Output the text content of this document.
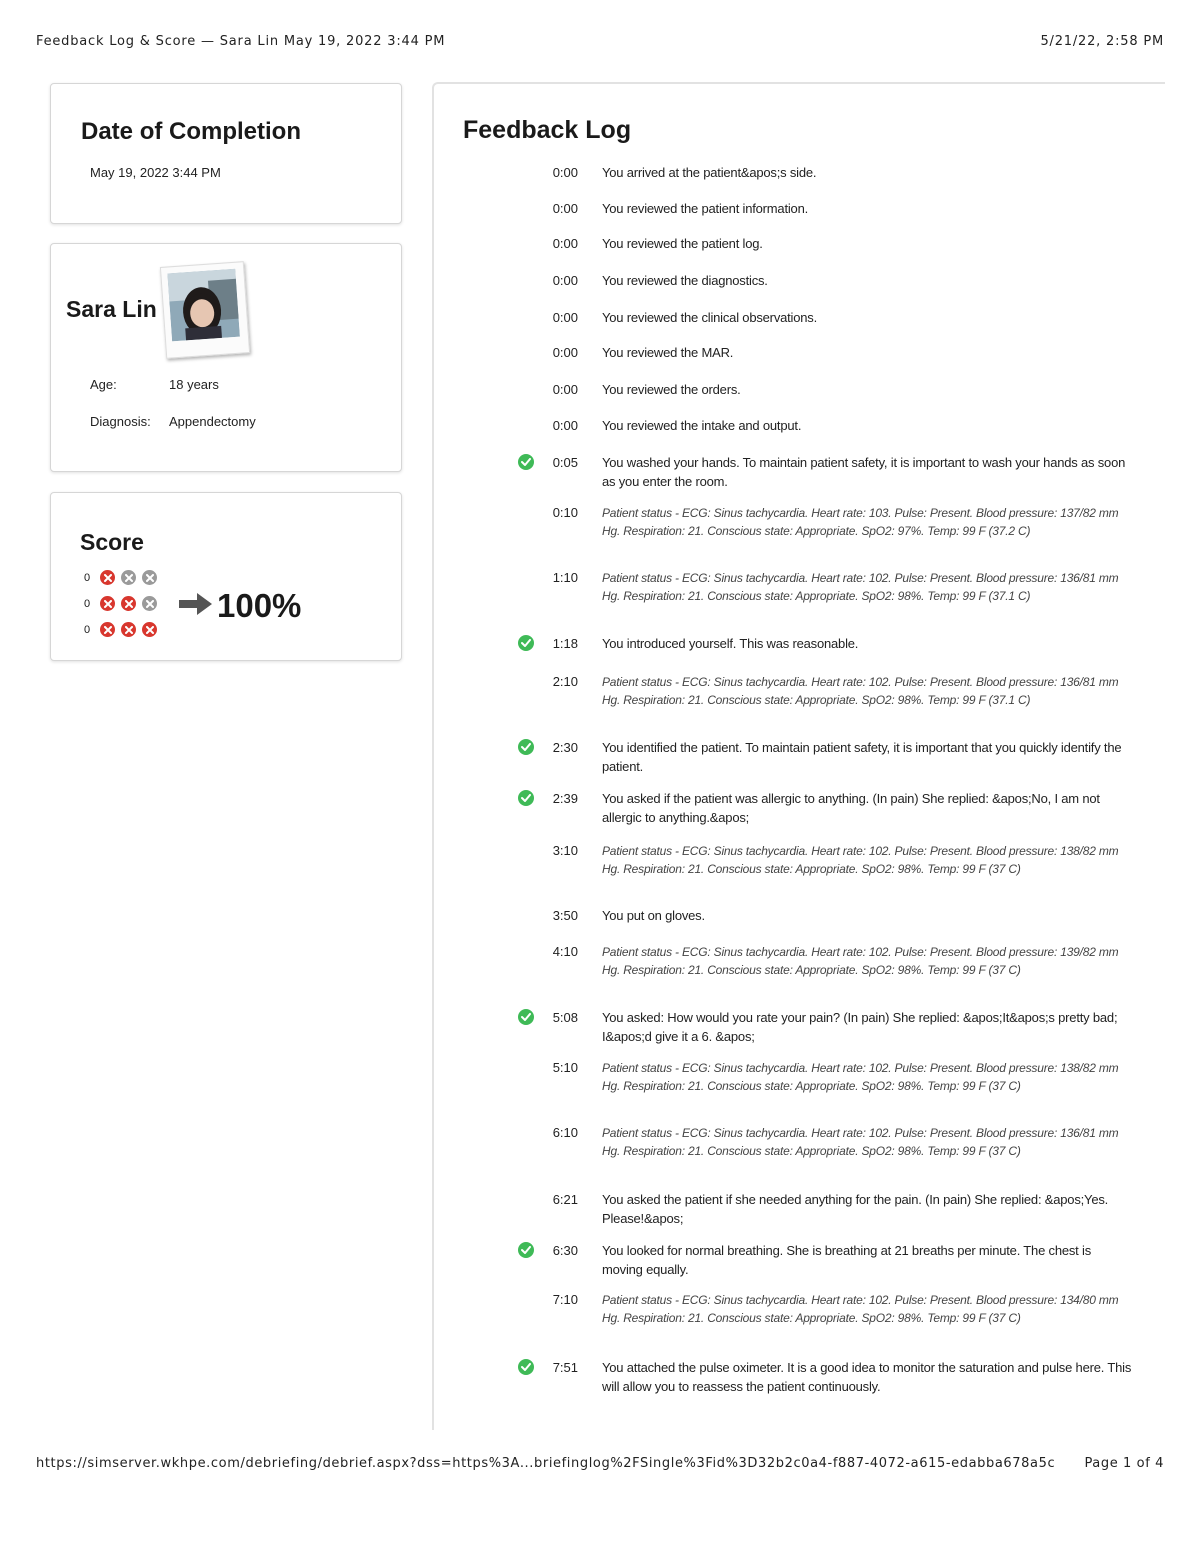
Feedback Log & Score — Sara Lin May 19, 2022 3:44 PM	5/21/22, 2:58 PM
https://simserver.wkhpe.com/debriefing/debrief.aspx?dss=https%3A...briefinglog%2FSingle%3Fid%3D32b2c0a4-f887-4072-a615-edabba678a5c Page 1 of 4
Date of Completion
May 19, 2022 3:44 PM
Sara Lin
Age:	18 years
Diagnosis: Appendectomy
Score
0
0
0
100%
Feedback Log
0:00 You arrived at the patient&apos;s side.
0:00 You reviewed the patient information.
0:00 You reviewed the patient log.
0:00 You reviewed the diagnostics.
0:00 You reviewed the clinical observations.
0:00 You reviewed the MAR.
0:00 You reviewed the orders.
0:00 You reviewed the intake and output.
0:05 You washed your hands. To maintain patient safety, it is important to wash your hands as soon as you enter the room.
0:10 Patient status - ECG: Sinus tachycardia. Heart rate: 103. Pulse: Present. Blood pressure: 137/82 mm Hg. Respiration: 21. Conscious state: Appropriate. SpO2: 97%. Temp: 99 F (37.2 C)
1:10 Patient status - ECG: Sinus tachycardia. Heart rate: 102. Pulse: Present. Blood pressure: 136/81 mm Hg. Respiration: 21. Conscious state: Appropriate. SpO2: 98%. Temp: 99 F (37.1 C)
1:18 You introduced yourself. This was reasonable.
2:10 Patient status - ECG: Sinus tachycardia. Heart rate: 102. Pulse: Present. Blood pressure: 136/81 mm Hg. Respiration: 21. Conscious state: Appropriate. SpO2: 98%. Temp: 99 F (37.1 C)
2:30 You identified the patient. To maintain patient safety, it is important that you quickly identify the patient.
2:39 You asked if the patient was allergic to anything. (In pain) She replied: &apos;No, I am not allergic to anything.&apos;
3:10 Patient status - ECG: Sinus tachycardia. Heart rate: 102. Pulse: Present. Blood pressure: 138/82 mm Hg. Respiration: 21. Conscious state: Appropriate. SpO2: 98%. Temp: 99 F (37 C)
3:50 You put on gloves.
4:10 Patient status - ECG: Sinus tachycardia. Heart rate: 102. Pulse: Present. Blood pressure: 139/82 mm Hg. Respiration: 21. Conscious state: Appropriate. SpO2: 98%. Temp: 99 F (37 C)
5:08 You asked: How would you rate your pain? (In pain) She replied: &apos;It&apos;s pretty bad; I&apos;d give it a 6. &apos;
5:10 Patient status - ECG: Sinus tachycardia. Heart rate: 102. Pulse: Present. Blood pressure: 138/82 mm Hg. Respiration: 21. Conscious state: Appropriate. SpO2: 98%. Temp: 99 F (37 C)
6:10 Patient status - ECG: Sinus tachycardia. Heart rate: 102. Pulse: Present. Blood pressure: 136/81 mm Hg. Respiration: 21. Conscious state: Appropriate. SpO2: 98%. Temp: 99 F (37 C)
6:21 You asked the patient if she needed anything for the pain. (In pain) She replied: &apos;Yes. Please!&apos;
6:30 You looked for normal breathing. She is breathing at 21 breaths per minute. The chest is moving equally.
7:10 Patient status - ECG: Sinus tachycardia. Heart rate: 102. Pulse: Present. Blood pressure: 134/80 mm Hg. Respiration: 21. Conscious state: Appropriate. SpO2: 98%. Temp: 99 F (37 C)
7:51 You attached the pulse oximeter. It is a good idea to monitor the saturation and pulse here. This will allow you to reassess the patient continuously.
